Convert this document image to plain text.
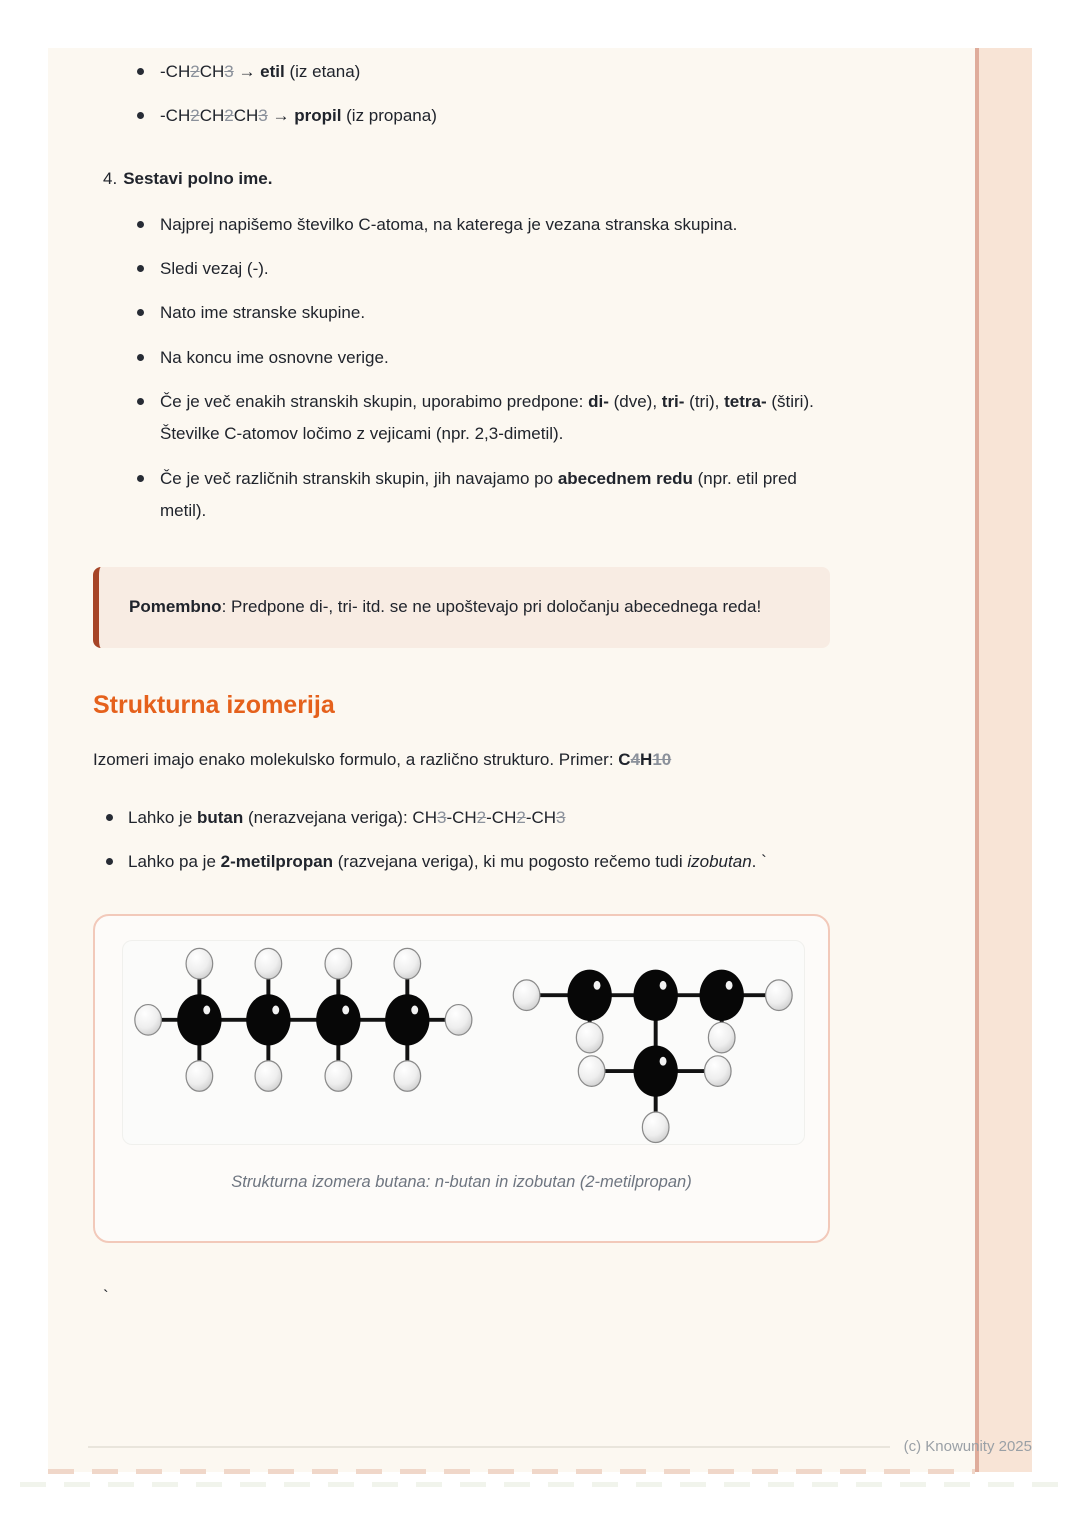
-CH2CH3 → etil (iz etana)
-CH2CH2CH3 → propil (iz propana)
4. Sestavi polno ime.
Najprej napišemo številko C-atoma, na katerega je vezana stranska skupina.
Sledi vezaj (-).
Nato ime stranske skupine.
Na koncu ime osnovne verige.
Če je več enakih stranskih skupin, uporabimo predpone: di- (dve), tri- (tri), tetra- (štiri). Številke C-atomov ločimo z vejicami (npr. 2,3-dimetil).
Če je več različnih stranskih skupin, jih navajamo po abecednem redu (npr. etil pred metil).
Pomembno: Predpone di-, tri- itd. se ne upoštevajo pri določanju abecednega reda!
Strukturna izomerija

Izomeri imajo enako molekulsko formulo, a različno strukturo. Primer: C4H10

Lahko je butan (nerazvejana veriga): CH3-CH2-CH2-CH3
Lahko pa je 2-metilpropan (razvejana veriga), ki mu pogosto rečemo tudi izobutan. `
Strukturna izomera butana: n-butan in izobutan (2-metilpropan)
`
(c) Knowunity 2025
